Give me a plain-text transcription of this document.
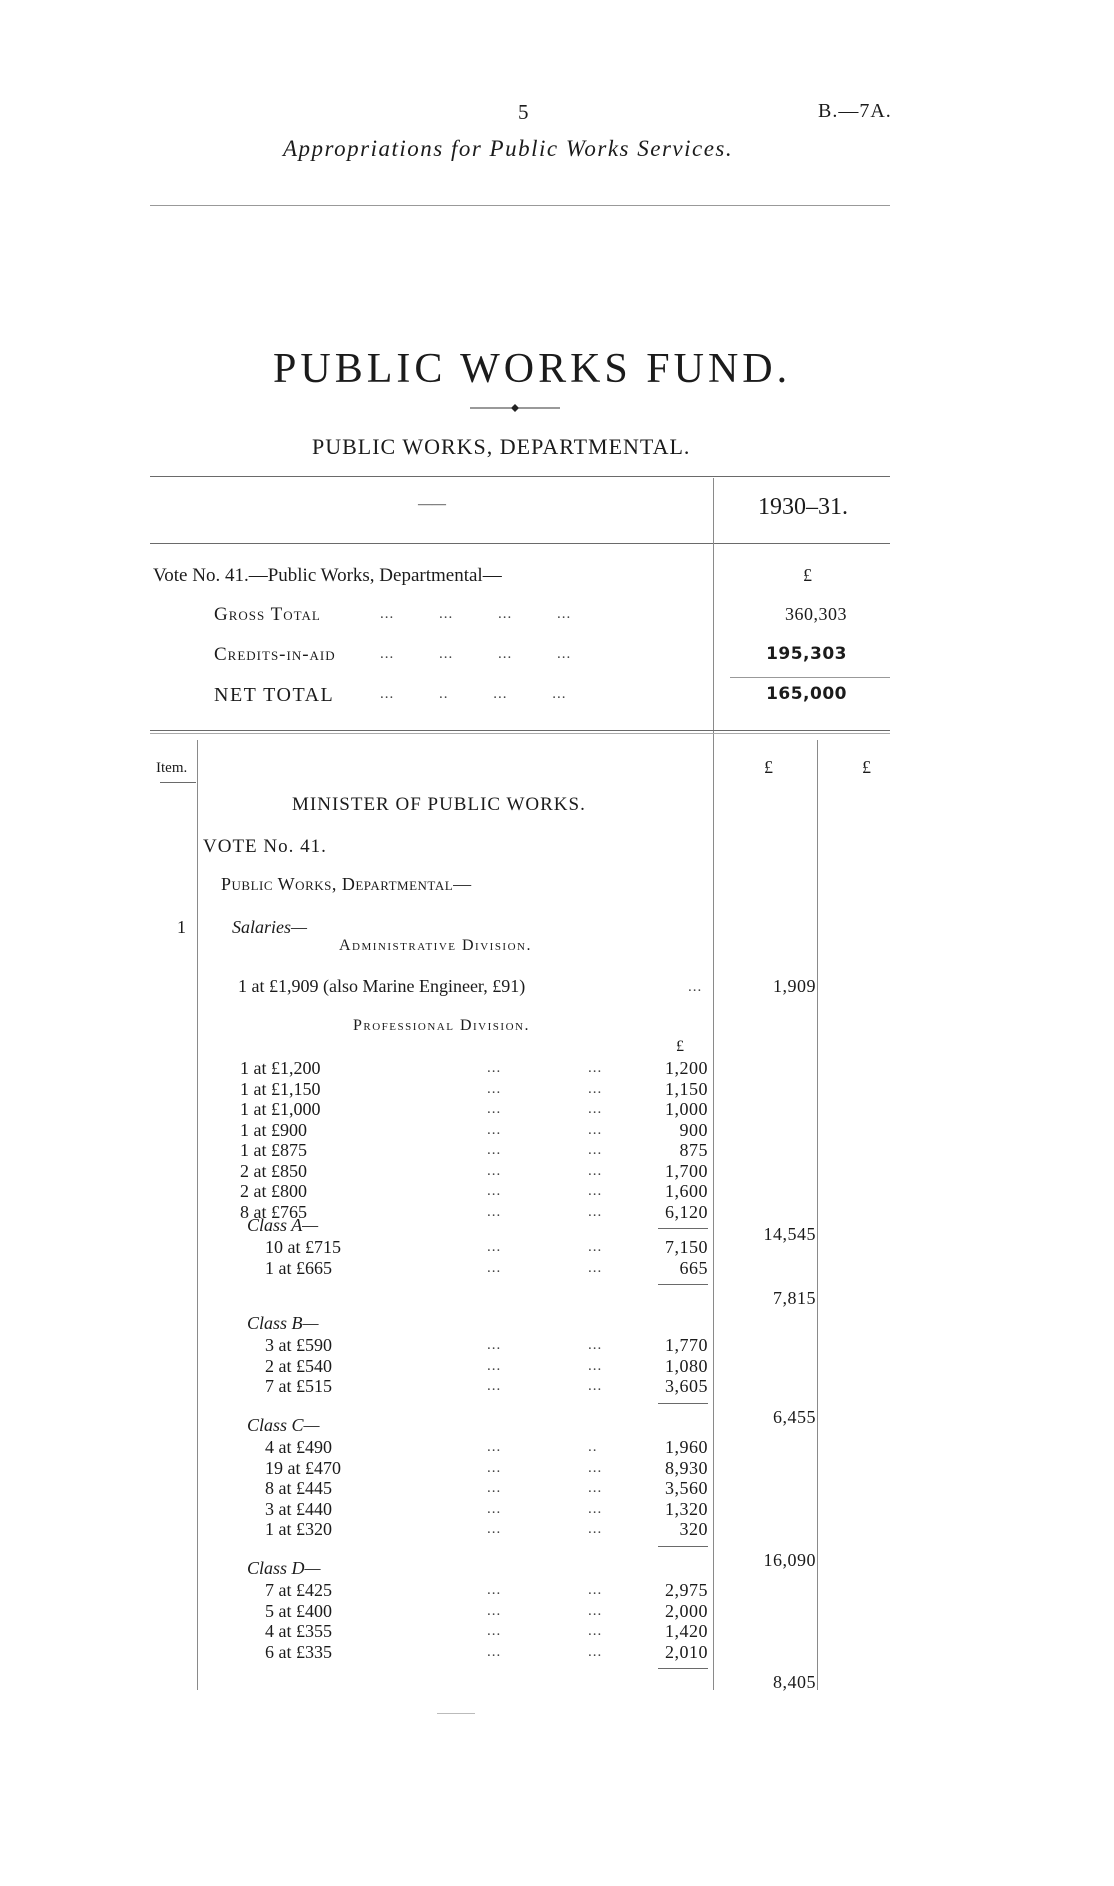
5	B.—7A.
Appropriations for Public Works Services.
PUBLIC WORKS FUND.
PUBLIC WORKS, DEPARTMENTAL.
——	1930–31.
Vote No. 41.—Public Works, Departmental—	£
Gross Total	... ... ... ...	360,303
Credits-in-aid	... ... ... ...	195,303
NET TOTAL	... .. ... ...	165,000
Item.	£	£
MINISTER OF PUBLIC WORKS.
VOTE No. 41.
Public Works, Departmental—
1	Salaries—
Administrative Division.
1 at £1,909 (also Marine Engineer, £91)	...	1,909
Professional Division.
£
1 at £1,200	...	...	1,200
1 at £1,150	...	...	1,150
1 at £1,000	...	...	1,000
1 at £900	...	...	900
1 at £875	...	...	875
2 at £850	...	...	1,700
2 at £800	...	...	1,600
8 at £765	...	...	6,120
14,545
Class A—
10 at £715	...	...	7,150
1 at £665	...	...	665
7,815
Class B—
3 at £590	...	...	1,770
2 at £540	...	...	1,080
7 at £515	...	...	3,605
6,455
Class C—
4 at £490	...	..	1,960
19 at £470	...	...	8,930
8 at £445	...	...	3,560
3 at £440	...	...	1,320
1 at £320	...	...	320
16,090
Class D—
7 at £425	...	...	2,975
5 at £400	...	...	2,000
4 at £355	...	...	1,420
6 at £335	...	...	2,010
8,405
